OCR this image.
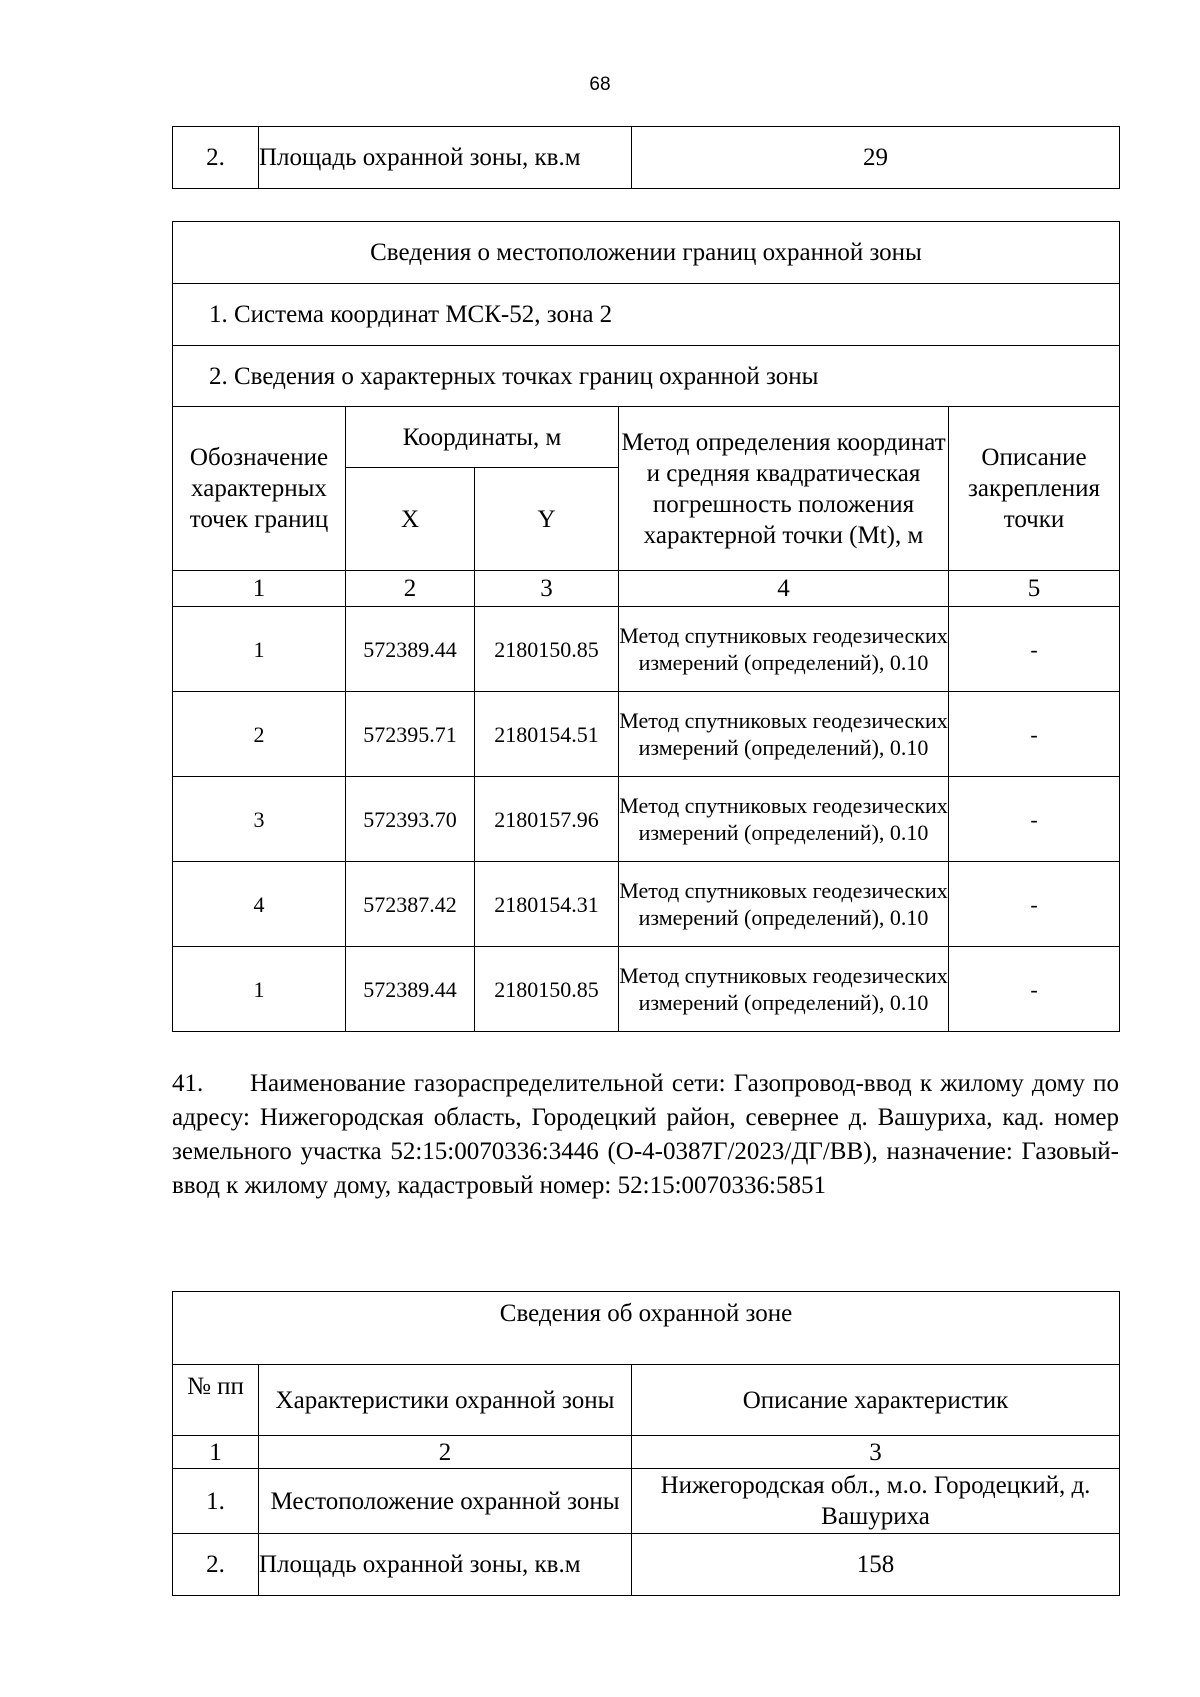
68
2.	Площадь охранной зоны, кв.м	29
Сведения о местоположении границ охранной зоны				
1. Система координат МСК-52, зона 2				
2. Сведения о характерных точках границ охранной зоны				
Обозначение характерных точек границ	Координаты, м		Метод определения координат и средняя квадратическая погрешность положения характерной точки (Mt), м	Описание закрепления точки
	X	Y		
1	2	3	4	5
1	572389.44	2180150.85	Метод спутниковых геодезических измерений (определений), 0.10	-
2	572395.71	2180154.51	Метод спутниковых геодезических измерений (определений), 0.10	-
3	572393.70	2180157.96	Метод спутниковых геодезических измерений (определений), 0.10	-
4	572387.42	2180154.31	Метод спутниковых геодезических измерений (определений), 0.10	-
1	572389.44	2180150.85	Метод спутниковых геодезических измерений (определений), 0.10	-
41. Наименование газораспределительной сети: Газопровод-ввод к жилому дому по адресу: Нижегородская область, Городецкий район, севернее д. Вашуриха, кад. номер земельного участка 52:15:0070336:3446 (О-4-0387Г/2023/ДГ/ВВ), назначение: Газовый-ввод к жилому дому, кадастровый номер: 52:15:0070336:5851
Сведения об охранной зоне		
№ пп	Характеристики охранной зоны	Описание характеристик
1	2	3
1.	Местоположение охранной зоны	Нижегородская обл., м.о. Городецкий, д. Вашуриха
2.	Площадь охранной зоны, кв.м	158
